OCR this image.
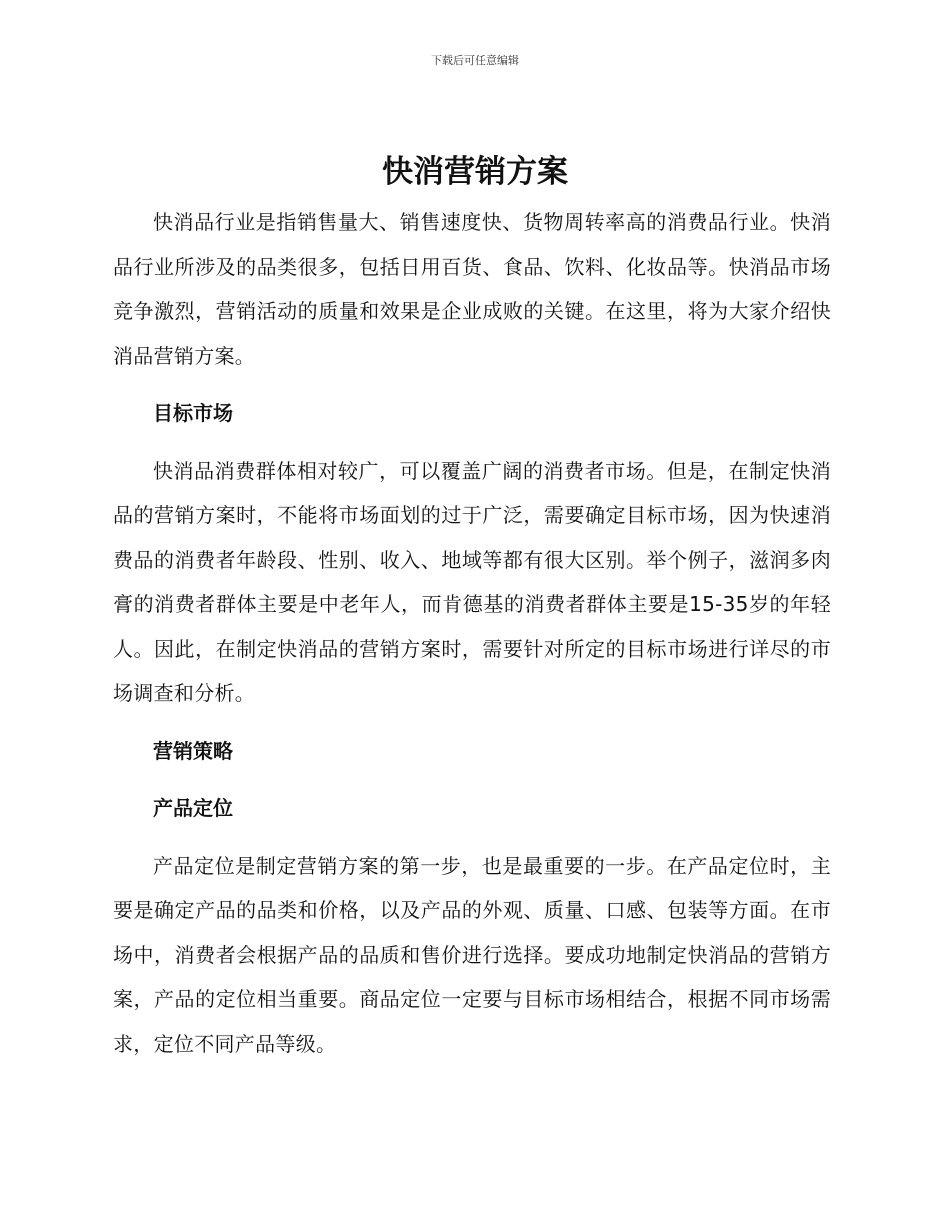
下载后可任意编辑
快消营销方案

快消品行业是指销售量大、销售速度快、货物周转率高的消费品行业。快消品行业所涉及的品类很多，包括日用百货、食品、饮料、化妆品等。快消品市场竞争激烈，营销活动的质量和效果是企业成败的关键。在这里，将为大家介绍快消品营销方案。

目标市场

快消品消费群体相对较广，可以覆盖广阔的消费者市场。但是，在制定快消品的营销方案时，不能将市场面划的过于广泛，需要确定目标市场，因为快速消费品的消费者年龄段、性别、收入、地域等都有很大区别。举个例子，滋润多肉膏的消费者群体主要是中老年人，而肯德基的消费者群体主要是15-35岁的年轻人。因此，在制定快消品的营销方案时，需要针对所定的目标市场进行详尽的市场调查和分析。

营销策略

产品定位

产品定位是制定营销方案的第一步，也是最重要的一步。在产品定位时，主要是确定产品的品类和价格，以及产品的外观、质量、口感、包装等方面。在市场中，消费者会根据产品的品质和售价进行选择。要成功地制定快消品的营销方案，产品的定位相当重要。商品定位一定要与目标市场相结合，根据不同市场需求，定位不同产品等级。
